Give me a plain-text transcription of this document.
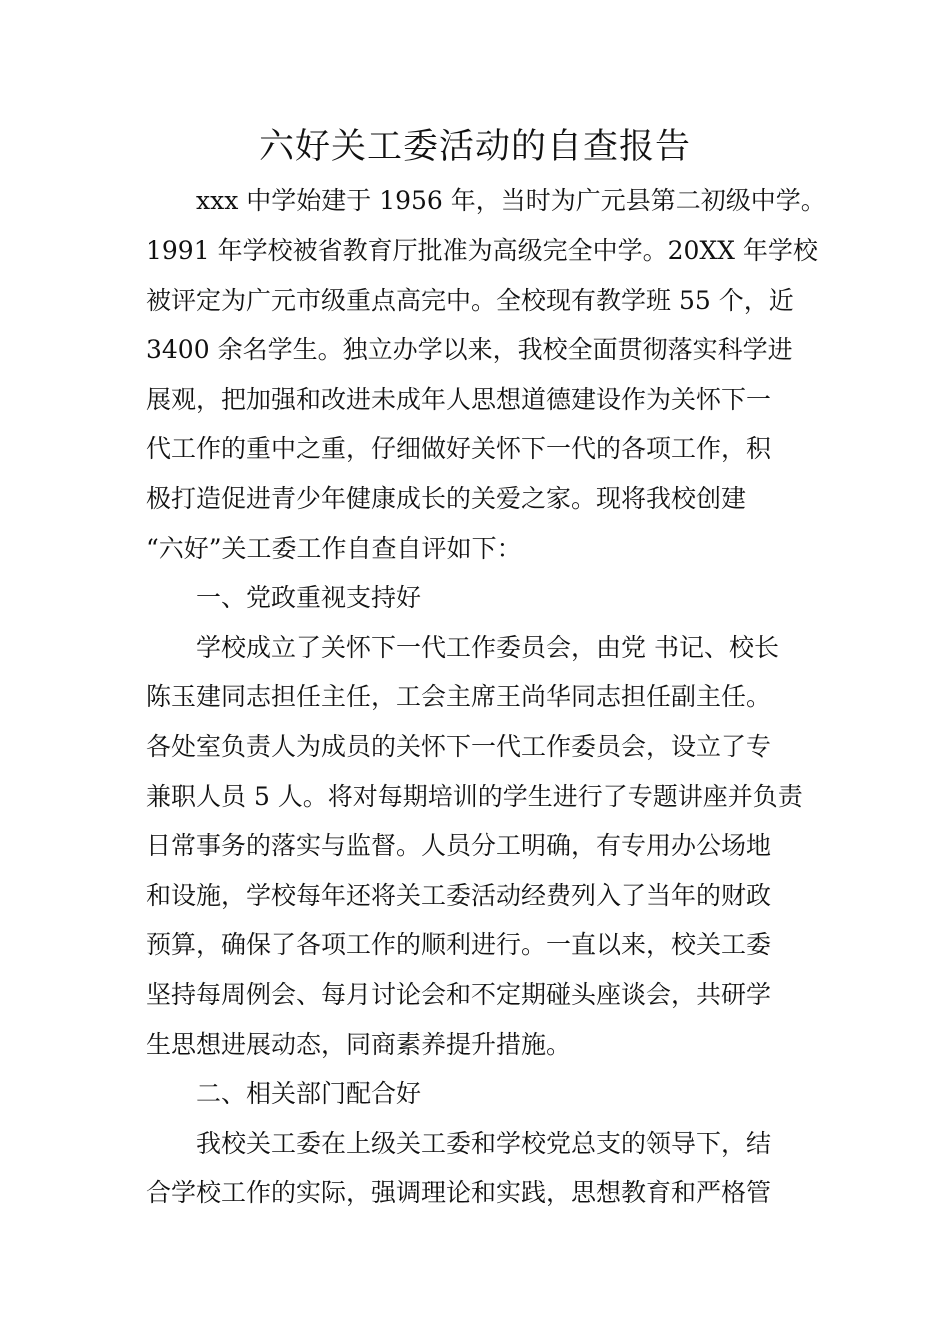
六好关工委活动的自查报告
xxx 中学始建于 1956 年，当时为广元县第二初级中学。
1991 年学校被省教育厅批准为高级完全中学。20XX 年学校
被评定为广元市级重点高完中。全校现有教学班 55 个，近
3400 余名学生。独立办学以来，我校全面贯彻落实科学进
展观，把加强和改进未成年人思想道德建设作为关怀下一
代工作的重中之重，仔细做好关怀下一代的各项工作，积
极打造促进青少年健康成长的关爱之家。现将我校创建
“六好”关工委工作自查自评如下：
一、党政重视支持好
学校成立了关怀下一代工作委员会，由党 书记、校长
陈玉建同志担任主任，工会主席王尚华同志担任副主任。
各处室负责人为成员的关怀下一代工作委员会，设立了专
兼职人员 5 人。将对每期培训的学生进行了专题讲座并负责
日常事务的落实与监督。人员分工明确，有专用办公场地
和设施，学校每年还将关工委活动经费列入了当年的财政
预算，确保了各项工作的顺利进行。一直以来，校关工委
坚持每周例会、每月讨论会和不定期碰头座谈会，共研学
生思想进展动态，同商素养提升措施。
二、相关部门配合好
我校关工委在上级关工委和学校党总支的领导下，结
合学校工作的实际，强调理论和实践，思想教育和严格管
